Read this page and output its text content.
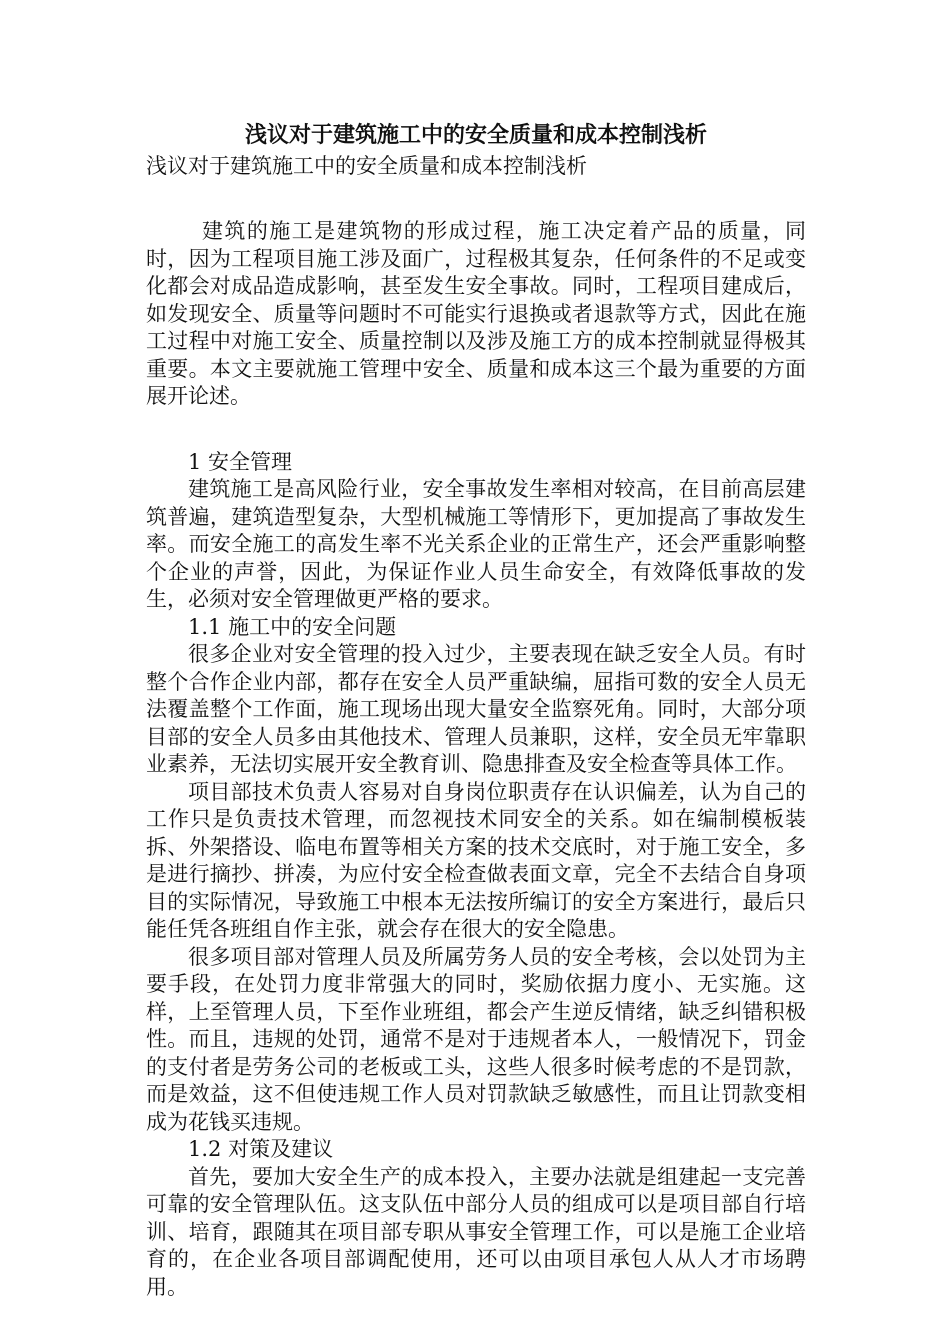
浅议对于建筑施工中的安全质量和成本控制浅析
浅议对于建筑施工中的安全质量和成本控制浅析

建筑的施工是建筑物的形成过程，施工决定着产品的质量，同时，因为工程项目施工涉及面广，过程极其复杂，任何条件的不足或变化都会对成品造成影响，甚至发生安全事故。同时，工程项目建成后，如发现安全、质量等问题时不可能实行退换或者退款等方式，因此在施工过程中对施工安全、质量控制以及涉及施工方的成本控制就显得极其重要。本文主要就施工管理中安全、质量和成本这三个最为重要的方面展开论述。

1 安全管理

建筑施工是高风险行业，安全事故发生率相对较高，在目前高层建筑普遍，建筑造型复杂，大型机械施工等情形下，更加提高了事故发生率。而安全施工的高发生率不光关系企业的正常生产，还会严重影响整个企业的声誉，因此，为保证作业人员生命安全，有效降低事故的发生，必须对安全管理做更严格的要求。

1.1 施工中的安全问题

很多企业对安全管理的投入过少，主要表现在缺乏安全人员。有时整个合作企业内部，都存在安全人员严重缺编，屈指可数的安全人员无法覆盖整个工作面，施工现场出现大量安全监察死角。同时，大部分项目部的安全人员多由其他技术、管理人员兼职，这样，安全员无牢靠职业素养，无法切实展开安全教育训、隐患排查及安全检查等具体工作。

项目部技术负责人容易对自身岗位职责存在认识偏差，认为自己的工作只是负责技术管理，而忽视技术同安全的关系。如在编制模板装拆、外架搭设、临电布置等相关方案的技术交底时，对于施工安全，多是进行摘抄、拼凑，为应付安全检查做表面文章，完全不去结合自身项目的实际情况，导致施工中根本无法按所编订的安全方案进行，最后只能任凭各班组自作主张，就会存在很大的安全隐患。

很多项目部对管理人员及所属劳务人员的安全考核，会以处罚为主要手段，在处罚力度非常强大的同时，奖励依据力度小、无实施。这样，上至管理人员，下至作业班组，都会产生逆反情绪，缺乏纠错积极性。而且，违规的处罚，通常不是对于违规者本人，一般情况下，罚金的支付者是劳务公司的老板或工头，这些人很多时候考虑的不是罚款，而是效益，这不但使违规工作人员对罚款缺乏敏感性，而且让罚款变相成为花钱买违规。

1.2 对策及建议

首先，要加大安全生产的成本投入，主要办法就是组建起一支完善可靠的安全管理队伍。这支队伍中部分人员的组成可以是项目部自行培训、培育，跟随其在项目部专职从事安全管理工作，可以是施工企业培育的，在企业各项目部调配使用，还可以由项目承包人从人才市场聘用。
